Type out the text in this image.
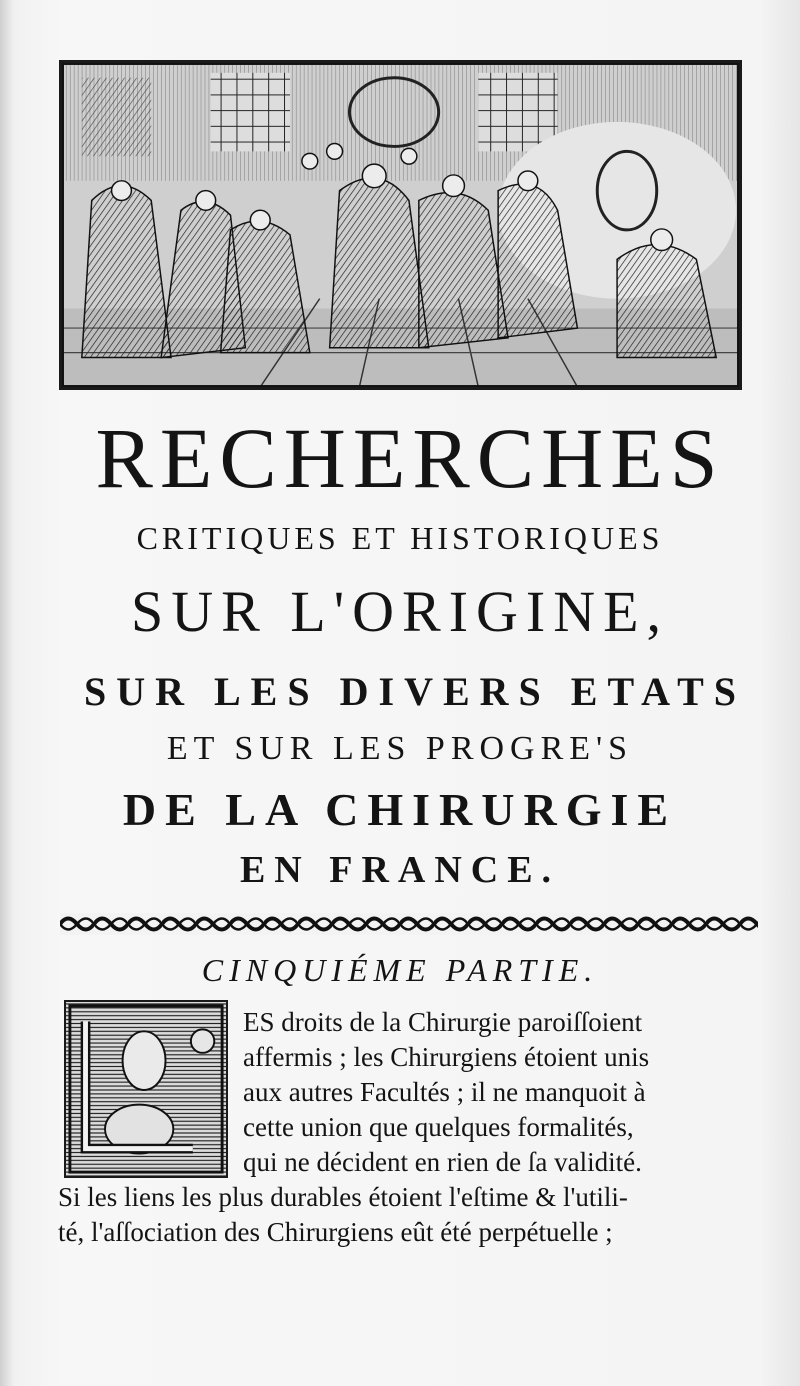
RECHERCHES
CRITIQUES ET HISTORIQUES
SUR L'ORIGINE,
SUR LES DIVERS ETATS
ET SUR LES PROGRE'S
DE LA CHIRURGIE
EN FRANCE.
CINQUIÉME PARTIE.
ES droits de la Chirurgie paroiſſoient
affermis ; les Chirurgiens étoient unis
aux autres Facultés ; il ne manquoit à
cette union que quelques formalités,
qui ne décident en rien de ſa validité.
Si les liens les plus durables étoient l'eſtime & l'utili-
té, l'aſſociation des Chirurgiens eût été perpétuelle ;
